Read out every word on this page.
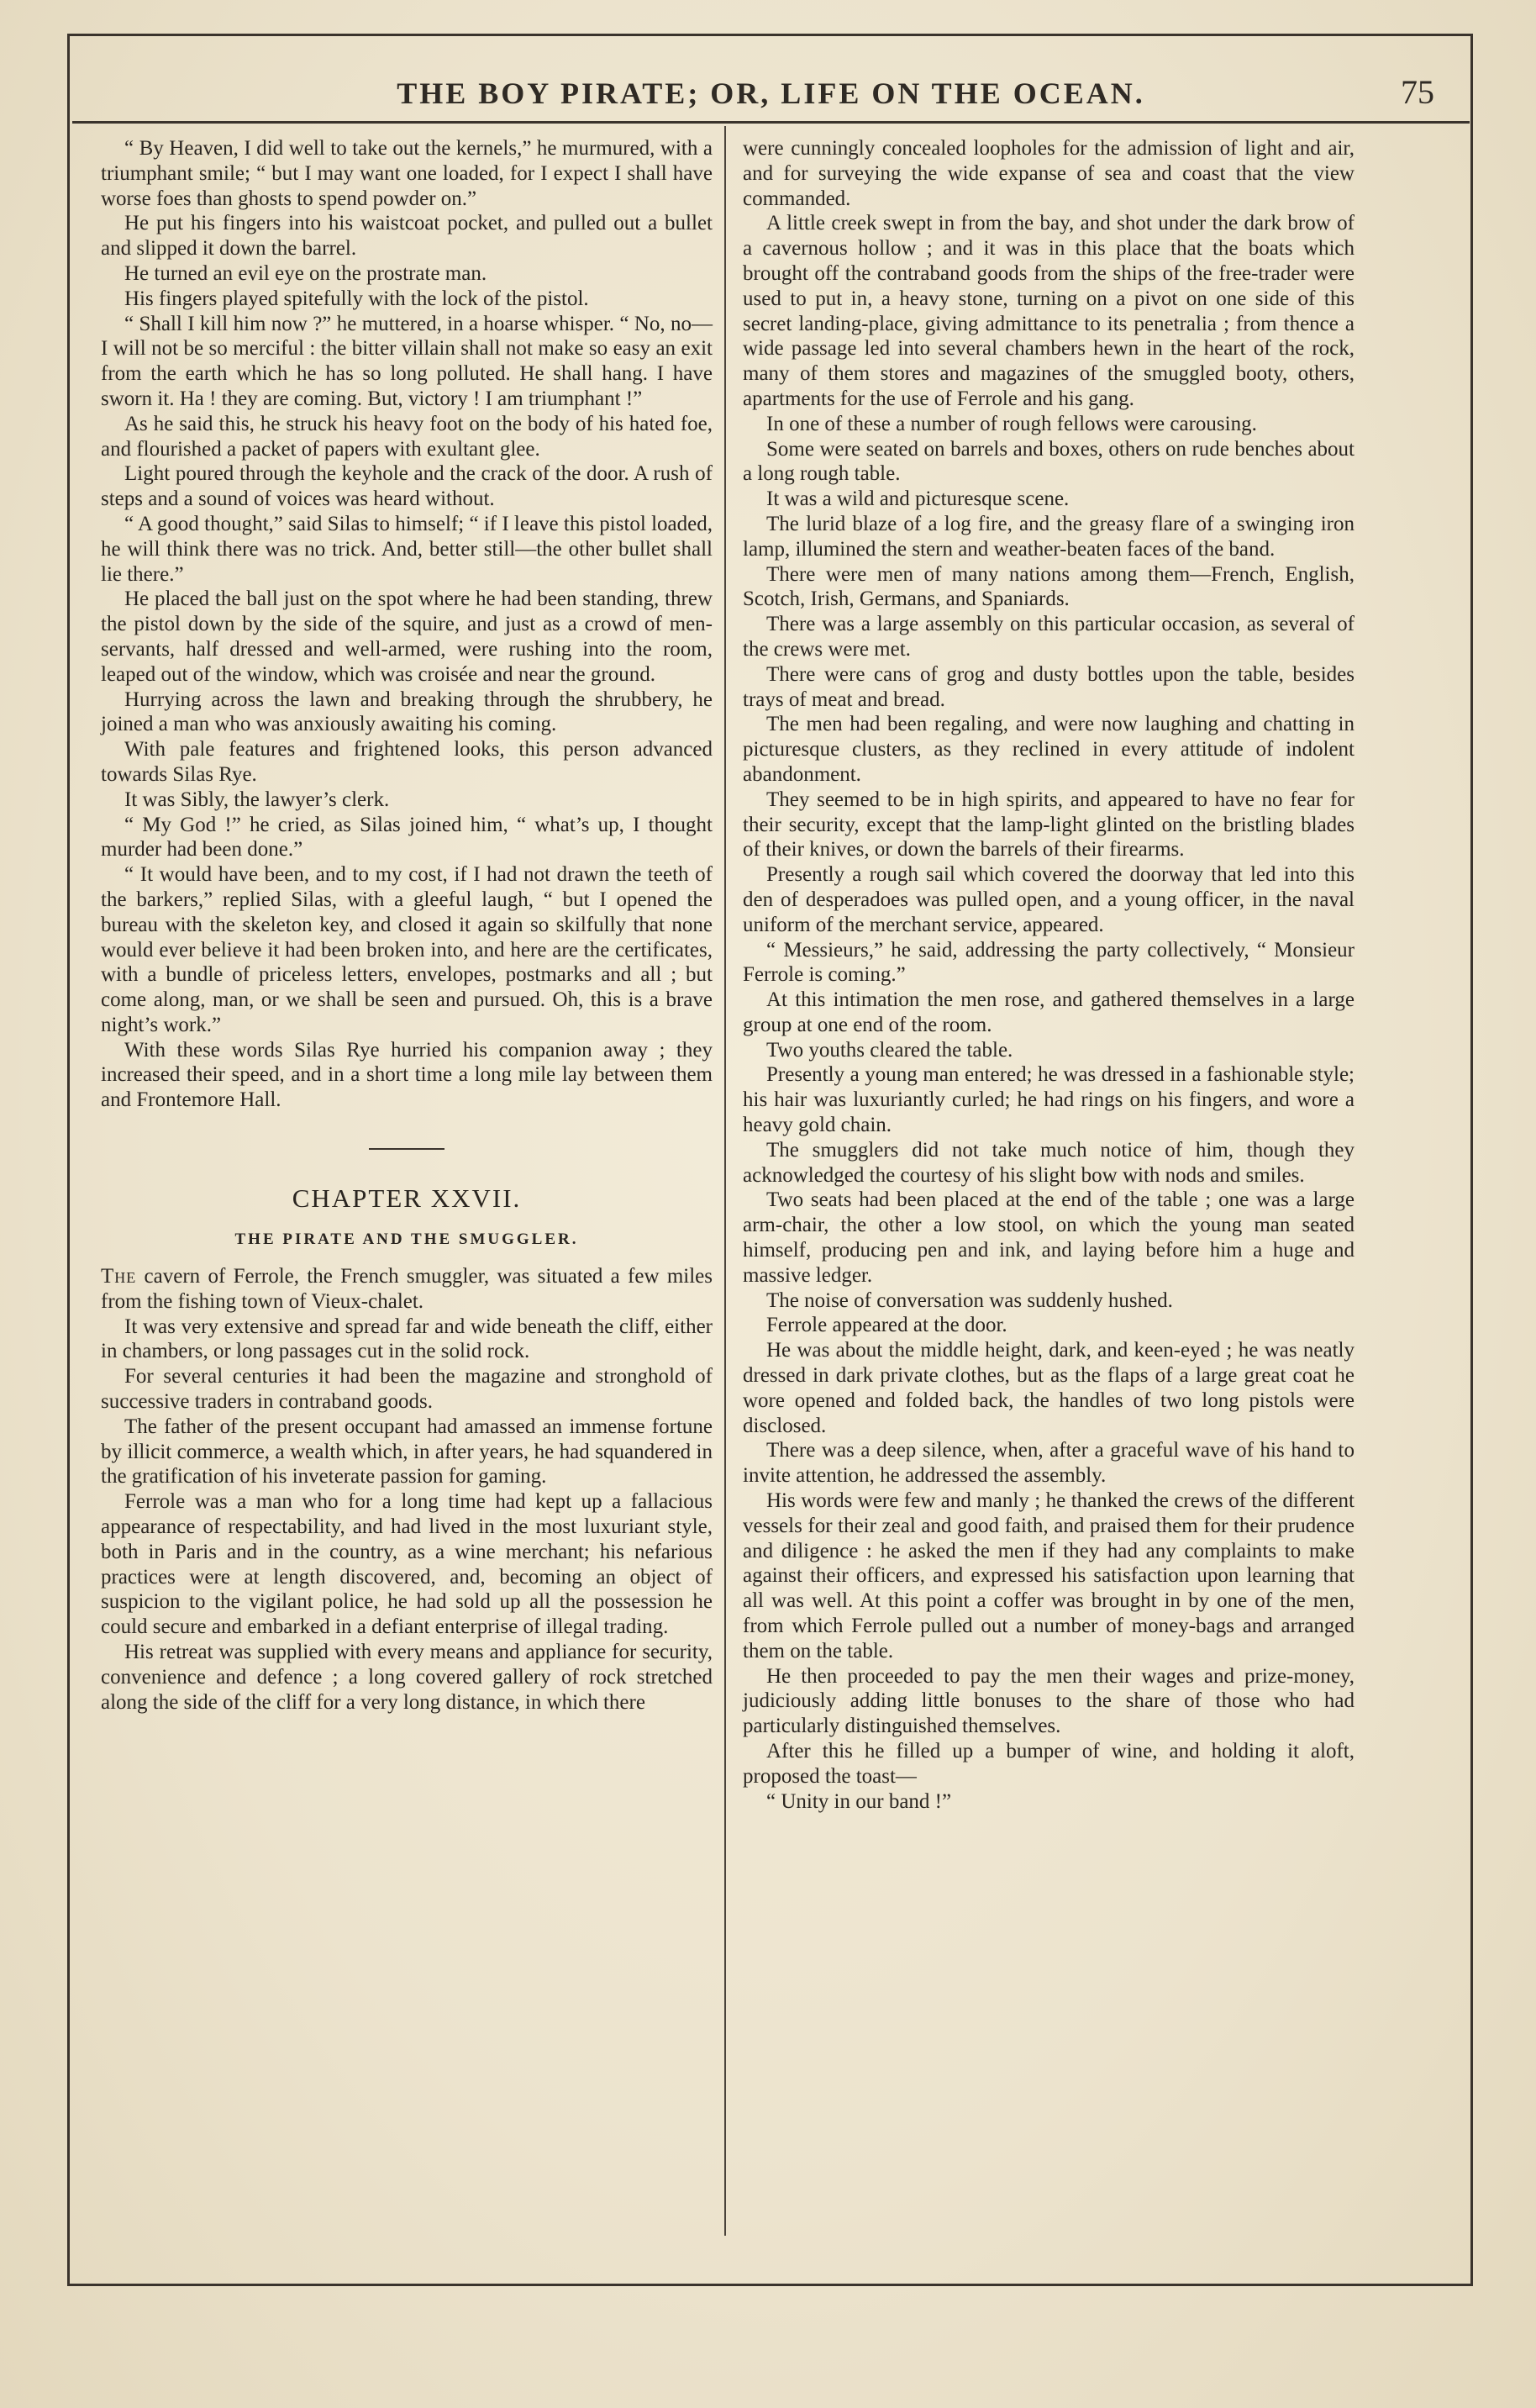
THE BOY PIRATE; OR, LIFE ON THE OCEAN.	75

“ By Heaven, I did well to take out the kernels,” he murmured, with a triumphant smile; “ but I may want one loaded, for I expect I shall have worse foes than ghosts to spend powder on.”

He put his fingers into his waistcoat pocket, and pulled out a bullet and slipped it down the barrel.

He turned an evil eye on the prostrate man.

His fingers played spitefully with the lock of the pistol.

“ Shall I kill him now ?” he muttered, in a hoarse whisper. “ No, no—I will not be so merciful : the bitter villain shall not make so easy an exit from the earth which he has so long polluted. He shall hang. I have sworn it. Ha ! they are coming. But, victory ! I am triumphant !”

As he said this, he struck his heavy foot on the body of his hated foe, and flourished a packet of papers with exultant glee.

Light poured through the keyhole and the crack of the door. A rush of steps and a sound of voices was heard without.

“ A good thought,” said Silas to himself; “ if I leave this pistol loaded, he will think there was no trick. And, better still—the other bullet shall lie there.”

He placed the ball just on the spot where he had been standing, threw the pistol down by the side of the squire, and just as a crowd of men-servants, half dressed and well-armed, were rushing into the room, leaped out of the window, which was croisée and near the ground.

Hurrying across the lawn and breaking through the shrubbery, he joined a man who was anxiously awaiting his coming.

With pale features and frightened looks, this person advanced towards Silas Rye.

It was Sibly, the lawyer’s clerk.

“ My God !” he cried, as Silas joined him, “ what’s up, I thought murder had been done.”

“ It would have been, and to my cost, if I had not drawn the teeth of the barkers,” replied Silas, with a gleeful laugh, “ but I opened the bureau with the skeleton key, and closed it again so skilfully that none would ever believe it had been broken into, and here are the certificates, with a bundle of priceless letters, envelopes, postmarks and all ; but come along, man, or we shall be seen and pursued. Oh, this is a brave night’s work.”

With these words Silas Rye hurried his companion away ; they increased their speed, and in a short time a long mile lay between them and Frontemore Hall.

CHAPTER XXVII.
THE PIRATE AND THE SMUGGLER.

The cavern of Ferrole, the French smuggler, was situated a few miles from the fishing town of Vieux-chalet.

It was very extensive and spread far and wide beneath the cliff, either in chambers, or long passages cut in the solid rock.

For several centuries it had been the magazine and stronghold of successive traders in contraband goods.

The father of the present occupant had amassed an immense fortune by illicit commerce, a wealth which, in after years, he had squandered in the gratification of his inveterate passion for gaming.

Ferrole was a man who for a long time had kept up a fallacious appearance of respectability, and had lived in the most luxuriant style, both in Paris and in the country, as a wine merchant; his nefarious practices were at length discovered, and, becoming an object of suspicion to the vigilant police, he had sold up all the possession he could secure and embarked in a defiant enterprise of illegal trading.

His retreat was supplied with every means and appliance for security, convenience and defence ; a long covered gallery of rock stretched along the side of the cliff for a very long distance, in which there

were cunningly concealed loopholes for the admission of light and air, and for surveying the wide expanse of sea and coast that the view commanded.

A little creek swept in from the bay, and shot under the dark brow of a cavernous hollow ; and it was in this place that the boats which brought off the contraband goods from the ships of the free-trader were used to put in, a heavy stone, turning on a pivot on one side of this secret landing-place, giving admittance to its penetralia ; from thence a wide passage led into several chambers hewn in the heart of the rock, many of them stores and magazines of the smuggled booty, others, apartments for the use of Ferrole and his gang.

In one of these a number of rough fellows were carousing.

Some were seated on barrels and boxes, others on rude benches about a long rough table.

It was a wild and picturesque scene.

The lurid blaze of a log fire, and the greasy flare of a swinging iron lamp, illumined the stern and weather-beaten faces of the band.

There were men of many nations among them—French, English, Scotch, Irish, Germans, and Spaniards.

There was a large assembly on this particular occasion, as several of the crews were met.

There were cans of grog and dusty bottles upon the table, besides trays of meat and bread.

The men had been regaling, and were now laughing and chatting in picturesque clusters, as they reclined in every attitude of indolent abandonment.

They seemed to be in high spirits, and appeared to have no fear for their security, except that the lamp-light glinted on the bristling blades of their knives, or down the barrels of their firearms.

Presently a rough sail which covered the doorway that led into this den of desperadoes was pulled open, and a young officer, in the naval uniform of the merchant service, appeared.

“ Messieurs,” he said, addressing the party collectively, “ Monsieur Ferrole is coming.”

At this intimation the men rose, and gathered themselves in a large group at one end of the room.

Two youths cleared the table.

Presently a young man entered; he was dressed in a fashionable style; his hair was luxuriantly curled; he had rings on his fingers, and wore a heavy gold chain.

The smugglers did not take much notice of him, though they acknowledged the courtesy of his slight bow with nods and smiles.

Two seats had been placed at the end of the table ; one was a large arm-chair, the other a low stool, on which the young man seated himself, producing pen and ink, and laying before him a huge and massive ledger.

The noise of conversation was suddenly hushed.

Ferrole appeared at the door.

He was about the middle height, dark, and keen-eyed ; he was neatly dressed in dark private clothes, but as the flaps of a large great coat he wore opened and folded back, the handles of two long pistols were disclosed.

There was a deep silence, when, after a graceful wave of his hand to invite attention, he addressed the assembly.

His words were few and manly ; he thanked the crews of the different vessels for their zeal and good faith, and praised them for their prudence and diligence : he asked the men if they had any complaints to make against their officers, and expressed his satisfaction upon learning that all was well. At this point a coffer was brought in by one of the men, from which Ferrole pulled out a number of money-bags and arranged them on the table.

He then proceeded to pay the men their wages and prize-money, judiciously adding little bonuses to the share of those who had particularly distinguished themselves.

After this he filled up a bumper of wine, and holding it aloft, proposed the toast—

“ Unity in our band !”
